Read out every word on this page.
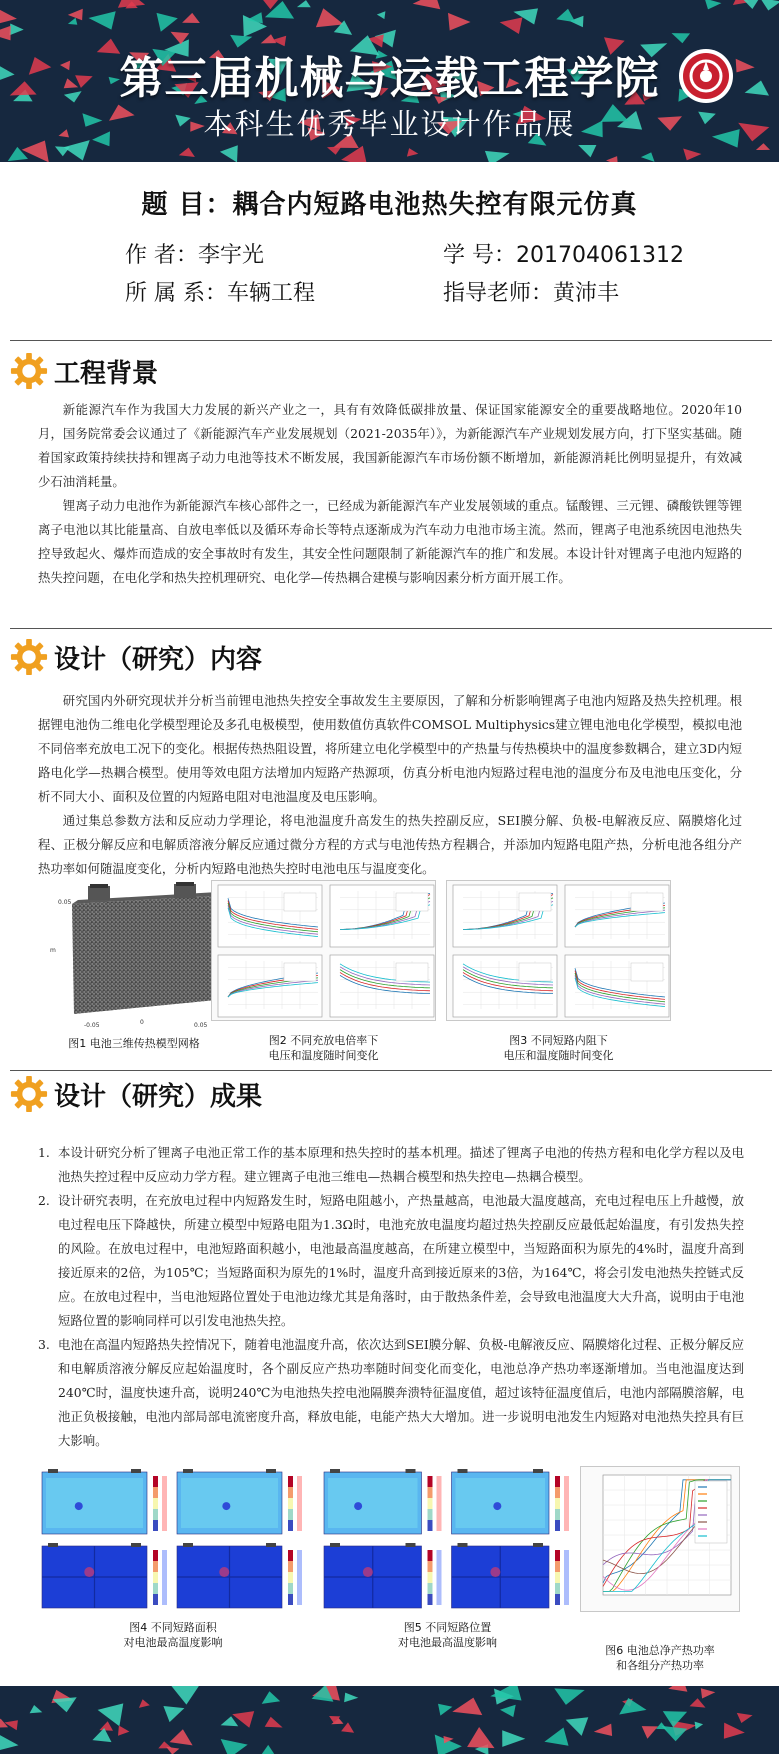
第三届机械与运载工程学院
本科生优秀毕业设计作品展
题 目：耦合内短路电池热失控有限元仿真
作 者：李宇光	学 号：201704061312
所 属 系：车辆工程	指导老师：黄沛丰
工程背景
新能源汽车作为我国大力发展的新兴产业之一，具有有效降低碳排放量、保证国家能源安全的重要战略地位。2020年10月，国务院常委会议通过了《新能源汽车产业发展规划（2021-2035年）》，为新能源汽车产业规划发展方向，打下坚实基础。随着国家政策持续扶持和锂离子动力电池等技术不断发展，我国新能源汽车市场份额不断增加，新能源消耗比例明显提升，有效减少石油消耗量。
锂离子动力电池作为新能源汽车核心部件之一，已经成为新能源汽车产业发展领域的重点。锰酸锂、三元锂、磷酸铁锂等锂离子电池以其比能量高、自放电率低以及循环寿命长等特点逐渐成为汽车动力电池市场主流。然而，锂离子电池系统因电池热失控导致起火、爆炸而造成的安全事故时有发生，其安全性问题限制了新能源汽车的推广和发展。本设计针对锂离子电池内短路的热失控问题，在电化学和热失控机理研究、电化学—传热耦合建模与影响因素分析方面开展工作。
设计（研究）内容
研究国内外研究现状并分析当前锂电池热失控安全事故发生主要原因，了解和分析影响锂离子电池内短路及热失控机理。根据锂电池伪二维电化学模型理论及多孔电极模型，使用数值仿真软件COMSOL Multiphysics建立锂电池电化学模型，模拟电池不同倍率充放电工况下的变化。根据传热热阻设置，将所建立电化学模型中的产热量与传热模块中的温度参数耦合，建立3D内短路电化学—热耦合模型。使用等效电阻方法增加内短路产热源项，仿真分析电池内短路过程电池的温度分布及电池电压变化，分析不同大小、面积及位置的内短路电阻对电池温度及电压影响。
通过集总参数方法和反应动力学理论，将电池温度升高发生的热失控副反应，SEI膜分解、负极-电解液反应、隔膜熔化过程、正极分解反应和电解质溶液分解反应通过微分方程的方式与电池传热方程耦合，并添加内短路电阻产热，分析电池各组分产热功率如何随温度变化，分析内短路电池热失控时电池电压与温度变化。
0.05
m
-0.05	0	0.05
图1 电池三维传热模型网格	图2 不同充放电倍率下
电压和温度随时间变化
图3 不同短路内阻下
电压和温度随时间变化
设计（研究）成果
1. 本设计研究分析了锂离子电池正常工作的基本原理和热失控时的基本机理。描述了锂离子电池的传热方程和电化学方程以及电池热失控过程中反应动力学方程。建立锂离子电池三维电—热耦合模型和热失控电—热耦合模型。
2. 设计研究表明，在充放电过程中内短路发生时，短路电阻越小，产热量越高，电池最大温度越高，充电过程电压上升越慢，放电过程电压下降越快，所建立模型中短路电阻为1.3Ω时，电池充放电温度均超过热失控副反应最低起始温度，有引发热失控的风险。在放电过程中，电池短路面积越小，电池最高温度越高，在所建立模型中，当短路面积为原先的4%时，温度升高到接近原来的2倍，为105℃；当短路面积为原先的1%时，温度升高到接近原来的3倍，为164℃，将会引发电池热失控链式反应。在放电过程中，当电池短路位置处于电池边缘尤其是角落时，由于散热条件差，会导致电池温度大大升高，说明由于电池短路位置的影响同样可以引发电池热失控。
3. 电池在高温内短路热失控情况下，随着电池温度升高，依次达到SEI膜分解、负极-电解液反应、隔膜熔化过程、正极分解反应和电解质溶液分解反应起始温度时，各个副反应产热功率随时间变化而变化，电池总净产热功率逐渐增加。当电池温度达到240℃时，温度快速升高，说明240℃为电池热失控电池隔膜奔溃特征温度值，超过该特征温度值后，电池内部隔膜溶解，电池正负极接触，电池内部局部电流密度升高，释放电能，电能产热大大增加。进一步说明电池发生内短路对电池热失控具有巨大影响。
图4 不同短路面积
对电池最高温度影响
图5 不同短路位置
对电池最高温度影响
图6 电池总净产热功率
和各组分产热功率
